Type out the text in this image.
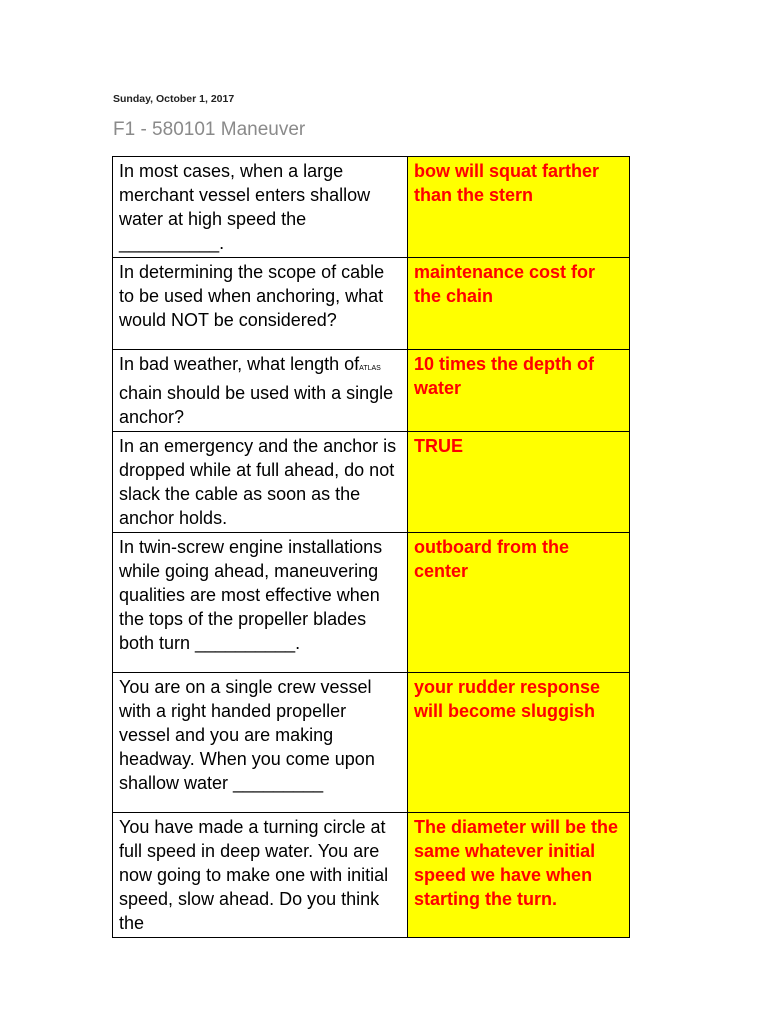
Sunday, October 1, 2017
F1 - 580101 Maneuver
In most cases, when a large merchant vessel enters shallow water at high speed the __________.	bow will squat farther than the stern
In determining the scope of cable to be used when anchoring, what would NOT be considered?	maintenance cost for the chain
In bad weather, what length ofATLAS chain should be used with a single anchor?	10 times the depth of water
In an emergency and the anchor is dropped while at full ahead, do not slack the cable as soon as the anchor holds.	TRUE
In twin-screw engine installations while going ahead, maneuvering qualities are most effective when the tops of the propeller blades both turn __________.	outboard from the center
You are on a single crew vessel with a right handed propeller vessel and you are making headway. When you come upon shallow water _________	your rudder response will become sluggish
You have made a turning circle at full speed in deep water. You are now going to make one with initial speed, slow ahead. Do you think the	The diameter will be the same whatever initial speed we have when starting the turn.
